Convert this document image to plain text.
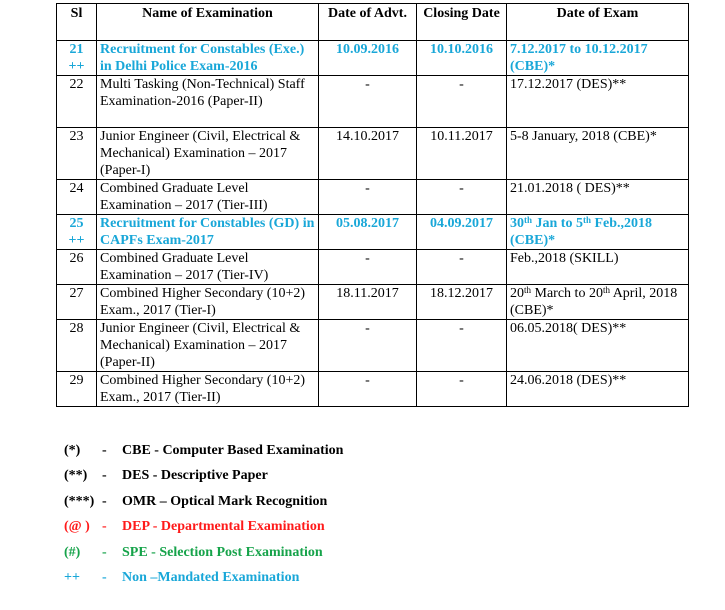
Sl	Name of Examination	Date of Advt.	Closing Date	Date of Exam
21 ++	Recruitment for Constables (Exe.) in Delhi Police Exam-2016	10.09.2016	10.10.2016	7.12.2017 to 10.12.2017 (CBE)*
22	Multi Tasking (Non-Technical) Staff Examination-2016 (Paper-II)	-	-	17.12.2017 (DES)**
23	Junior Engineer (Civil, Electrical & Mechanical) Examination – 2017 (Paper-I)	14.10.2017	10.11.2017	5-8 January, 2018 (CBE)*
24	Combined Graduate Level Examination – 2017 (Tier-III)	-	-	21.01.2018 ( DES)**
25 ++	Recruitment for Constables (GD) in CAPFs Exam-2017	05.08.2017	04.09.2017	30th Jan to 5th Feb.,2018 (CBE)*
26	Combined Graduate Level Examination – 2017 (Tier-IV)	-	-	Feb.,2018 (SKILL)
27	Combined Higher Secondary (10+2) Exam., 2017 (Tier-I)	18.11.2017	18.12.2017	20th March to 20th April, 2018 (CBE)*
28	Junior Engineer (Civil, Electrical & Mechanical) Examination – 2017 (Paper-II)	-	-	06.05.2018( DES)**
29	Combined Higher Secondary (10+2) Exam., 2017 (Tier-II)	-	-	24.06.2018 (DES)**
(*) - CBE - Computer Based Examination
(**) - DES - Descriptive Paper
(***) - OMR – Optical Mark Recognition
(@ ) - DEP - Departmental Examination
(#) - SPE - Selection Post Examination
++ - Non –Mandated Examination
